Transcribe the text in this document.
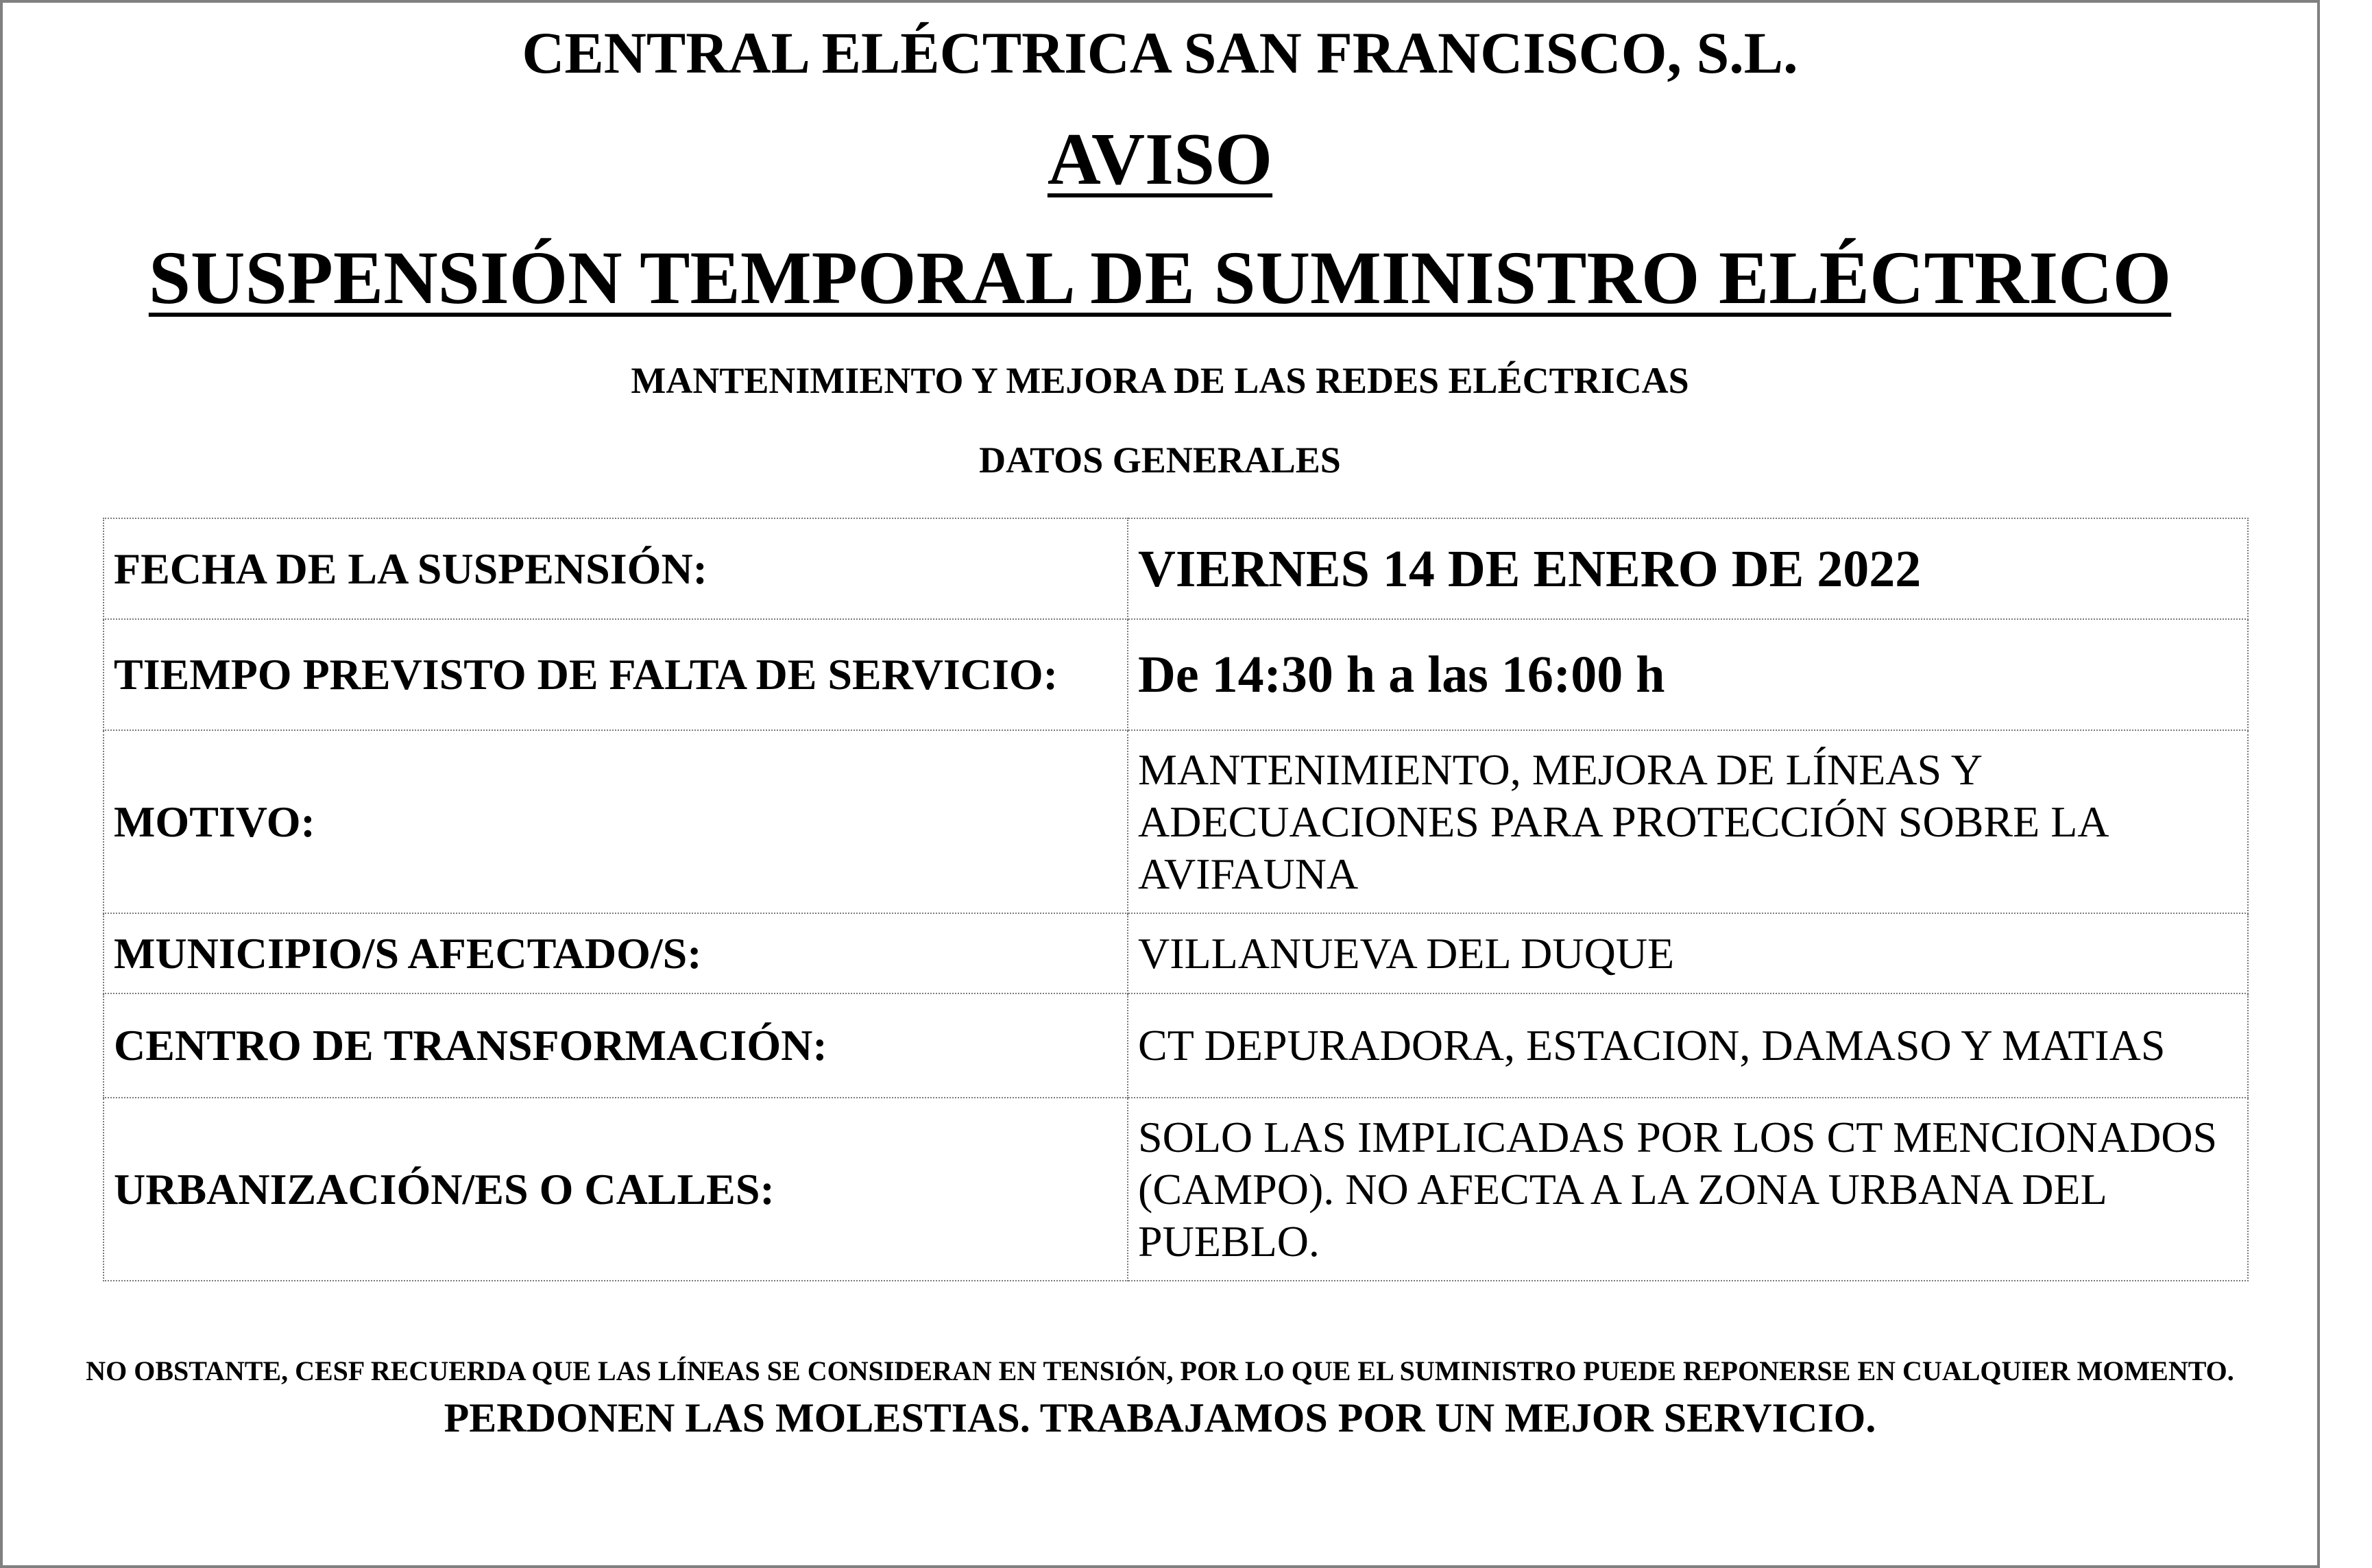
CENTRAL ELÉCTRICA SAN FRANCISCO, S.L.
AVISO
SUSPENSIÓN TEMPORAL DE SUMINISTRO ELÉCTRICO
MANTENIMIENTO Y MEJORA DE LAS REDES ELÉCTRICAS
DATOS GENERALES
FECHA DE LA SUSPENSIÓN:	VIERNES 14 DE ENERO DE 2022
TIEMPO PREVISTO DE FALTA DE SERVICIO:	De 14:30 h a las 16:00 h
MOTIVO:	MANTENIMIENTO, MEJORA DE LÍNEAS Y ADECUACIONES PARA PROTECCIÓN SOBRE LA AVIFAUNA
MUNICIPIO/S AFECTADO/S:	VILLANUEVA DEL DUQUE
CENTRO DE TRANSFORMACIÓN:	CT DEPURADORA, ESTACION, DAMASO Y MATIAS
URBANIZACIÓN/ES O CALLES:	SOLO LAS IMPLICADAS POR LOS CT MENCIONADOS (CAMPO). NO AFECTA A LA ZONA URBANA DEL PUEBLO.
NO OBSTANTE, CESF RECUERDA QUE LAS LÍNEAS SE CONSIDERAN EN TENSIÓN, POR LO QUE EL SUMINISTRO PUEDE REPONERSE EN CUALQUIER MOMENTO.
PERDONEN LAS MOLESTIAS. TRABAJAMOS POR UN MEJOR SERVICIO.
